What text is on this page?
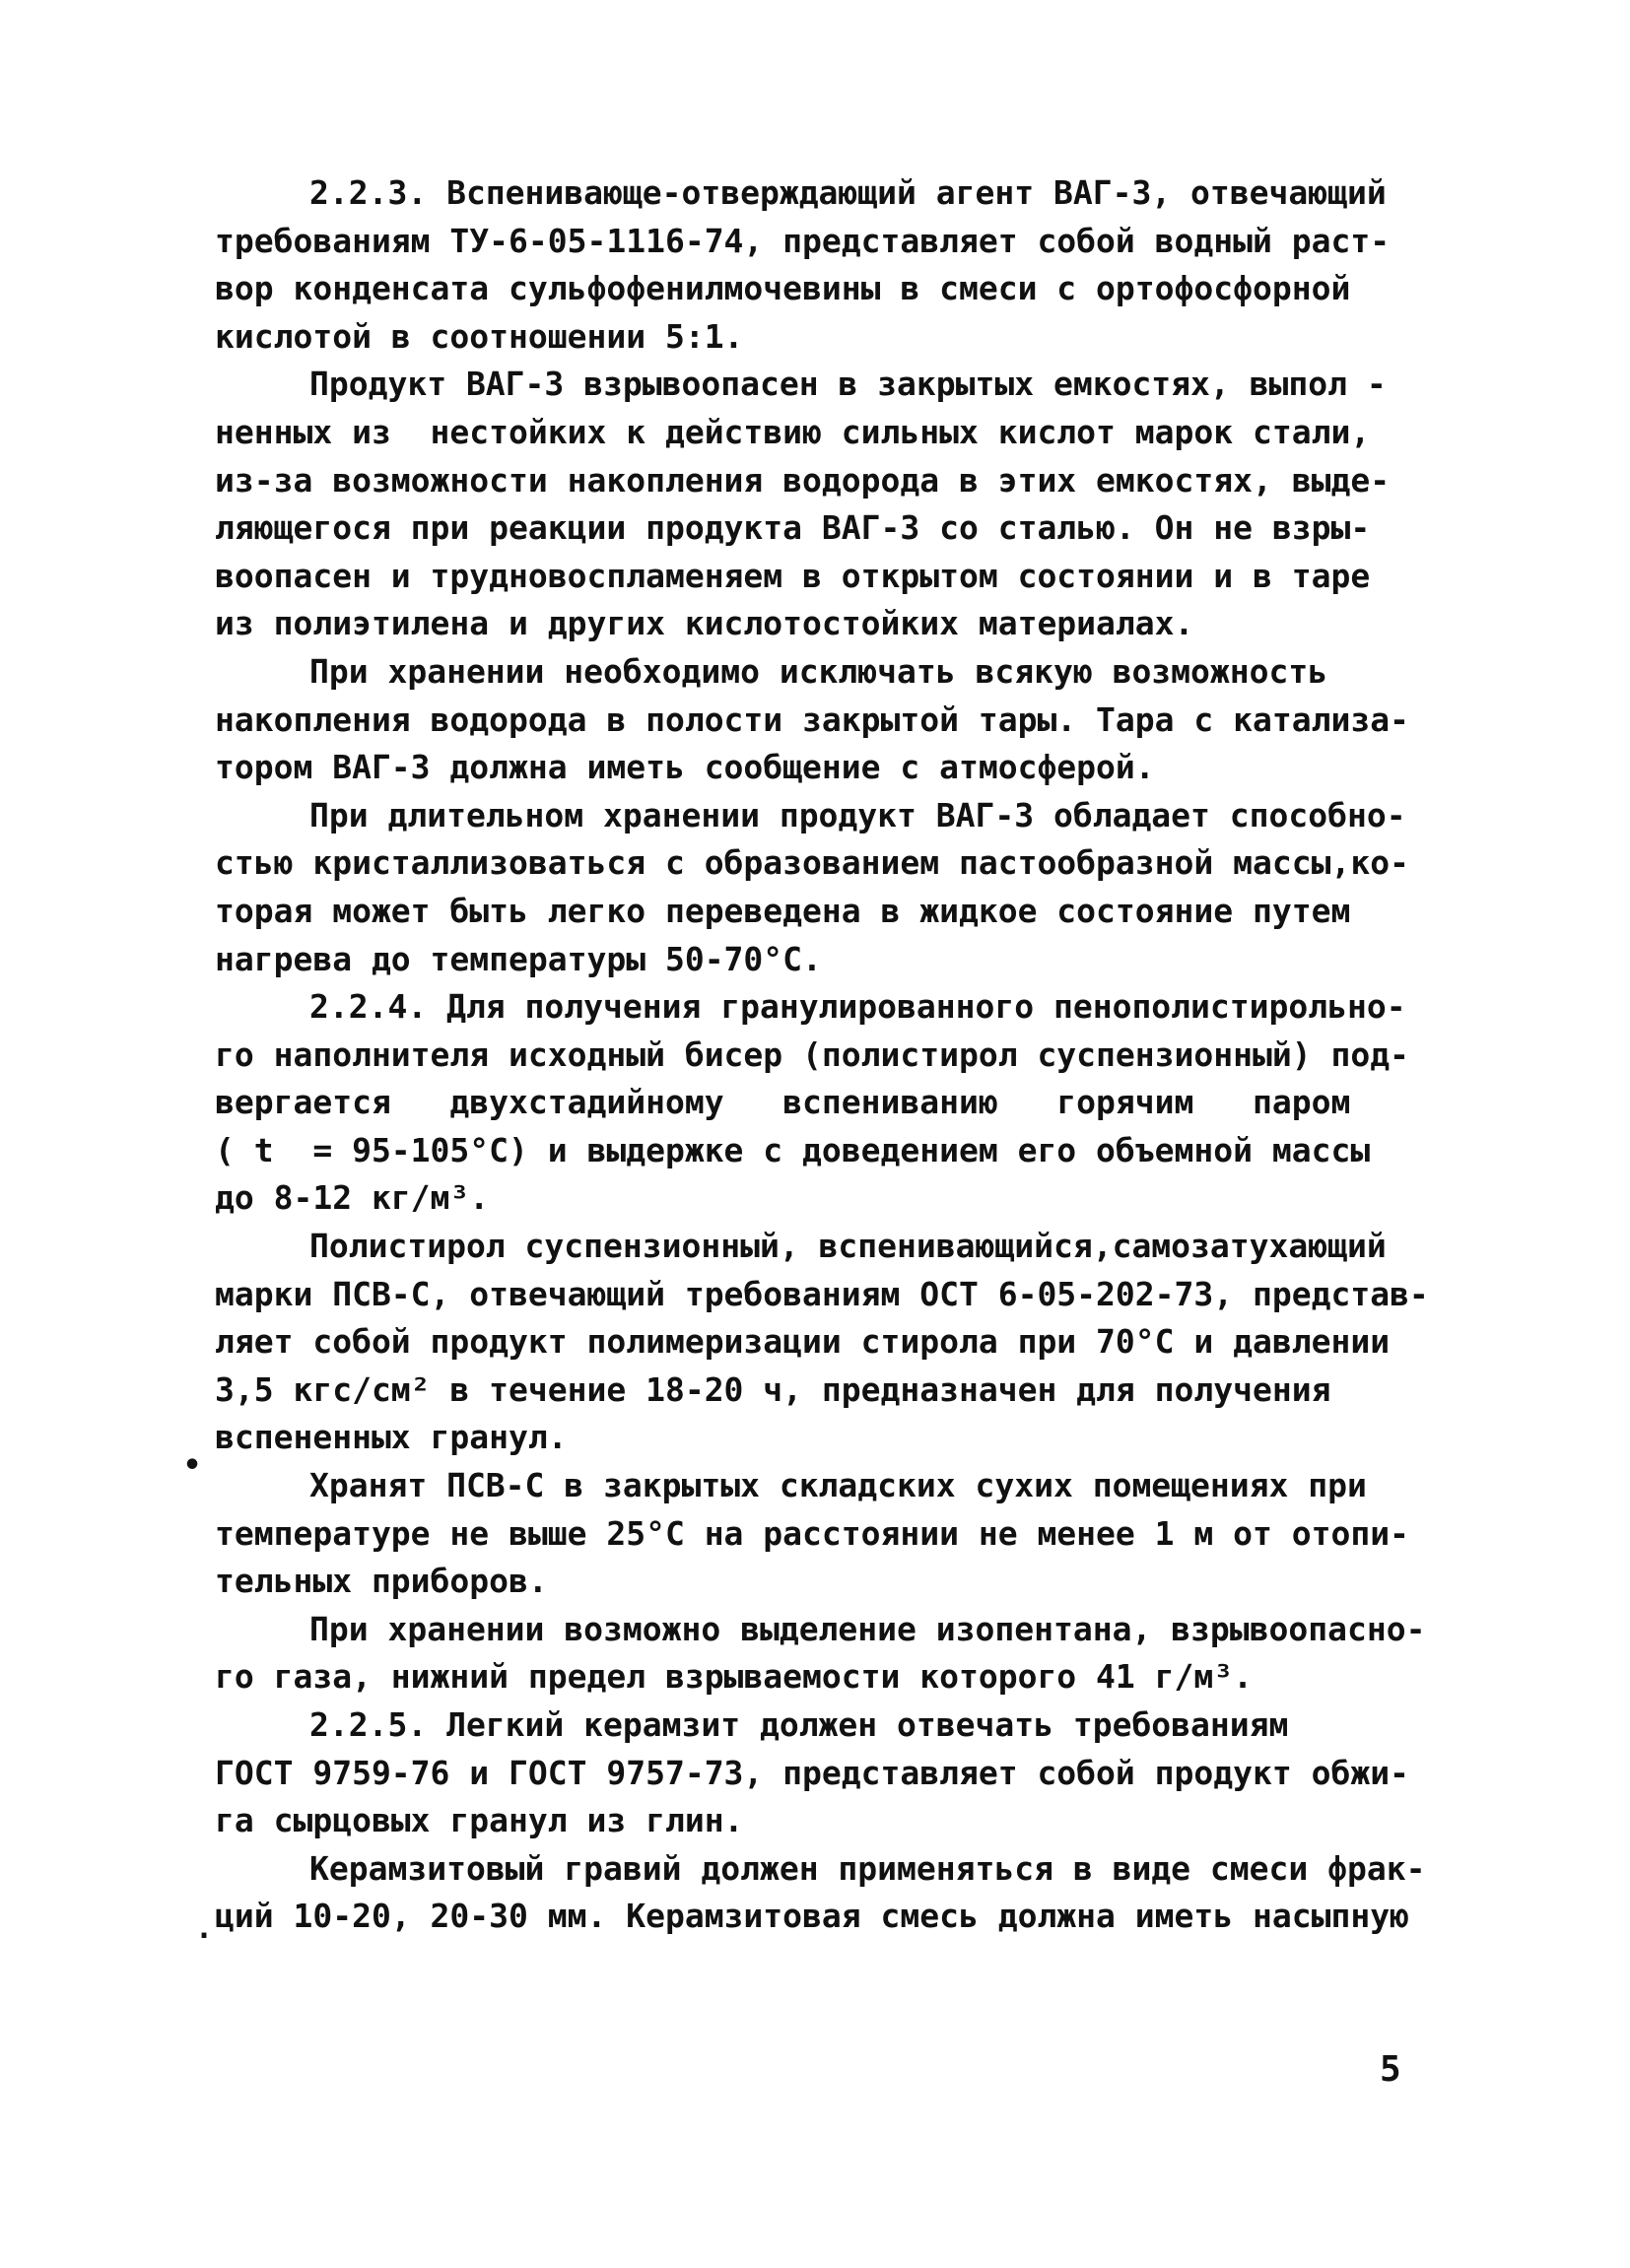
2.2.3. Вспенивающе-отверждающий агент ВАГ-3, отвечающий
требованиям ТУ-6-05-1116-74, представляет собой водный раст-
вор конденсата сульфофенилмочевины в смеси с ортофосфорной
кислотой в соотношении 5:1.
Продукт ВАГ-3 взрывоопасен в закрытых емкостях, выпол -
ненных из  нестойких к действию сильных кислот марок стали,
из-за возможности накопления водорода в этих емкостях, выде-
ляющегося при реакции продукта ВАГ-3 со сталью. Он не взры-
воопасен и трудновоспламеняем в открытом состоянии и в таре
из полиэтилена и других кислотостойких материалах.
При хранении необходимо исключать всякую возможность
накопления водорода в полости закрытой тары. Тара с катализа-
тором ВАГ-3 должна иметь сообщение с атмосферой.
При длительном хранении продукт ВАГ-3 обладает способно-
стью кристаллизоваться с образованием пастообразной массы,ко-
торая может быть легко переведена в жидкое состояние путем
нагрева до температуры 50-70°С.
2.2.4. Для получения гранулированного пенополистирольно-
го наполнителя исходный бисер (полистирол суспензионный) под-
вергается   двухстадийному   вспениванию   горячим   паром
( t  = 95-105°С) и выдержке с доведением его объемной массы
до 8-12 кг/м³.
Полистирол суспензионный, вспенивающийся,самозатухающий
марки ПСВ-С, отвечающий требованиям ОСТ 6-05-202-73, представ-
ляет собой продукт полимеризации стирола при 70°С и давлении
3,5 кгс/см² в течение 18-20 ч, предназначен для получения
вспененных гранул.
Хранят ПСВ-С в закрытых складских сухих помещениях при
температуре не выше 25°С на расстоянии не менее 1 м от отопи-
тельных приборов.
При хранении возможно выделение изопентана, взрывоопасно-
го газа, нижний предел взрываемости которого 41 г/м³.
2.2.5. Легкий керамзит должен отвечать требованиям
ГОСТ 9759-76 и ГОСТ 9757-73, представляет собой продукт обжи-
га сырцовых гранул из глин.
Керамзитовый гравий должен применяться в виде смеси фрак-
ций 10-20, 20-30 мм. Керамзитовая смесь должна иметь насыпную
•
.
5
